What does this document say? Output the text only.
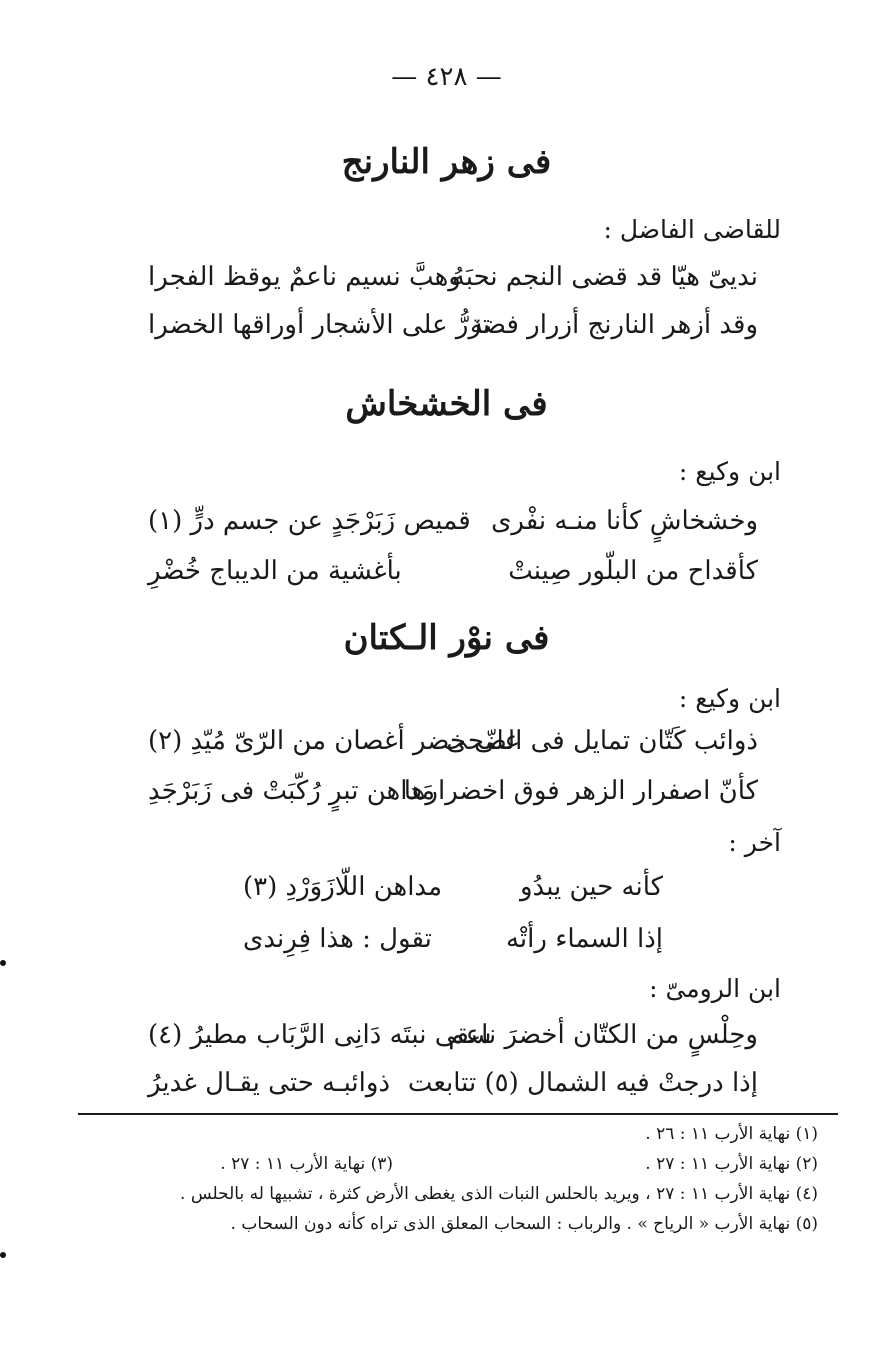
— ٤٢٨ —
فى زهر النارنج
للقاضى الفاضل :
نديىّ هيّا قد قضى النجم نحبَهُ
وهبَّ نسيم ناعمٌ يوقظ الفجرا
وقد أزهر النارنج أزرار فضة
تزرُّ على الأشجار أوراقها الخضرا
فى الخشخاش
ابن وكيع :
وخشخاشٍ كأنا منـه نفْرى
قميص زَبَرْجَدٍ عن جسم درٍّ (١)
كأقداح من البلّور صِينتْ
بأغشية من الديباج خُضْرِ
فى نوْر الـكتان
ابن وكيع :
ذوائب كَتّان تمايل فى الضّحى
على خضر أغصان من الرّىّ مُيّدِ (٢)
كأنّ اصفرار الزهر فوق اخضرارها
مَداهن تبرٍ رُكّبَتْ فى زَبَرْجَدِ
آخر :
كأنه حين يبدُو
مداهن اللّازَوَرْدِ (٣)
إذا السماء رأتْه
تقول : هذا فِرِندى
ابن الرومىّ :
وحِلْسٍ من الكتّان أخضرَ ناعم
سقى نبتَه دَانِى الرَّبَاب مطيرُ (٤)
إذا درجتْ فيه الشمال (٥) تتابعت
ذوائبـه حتى يقـال غديرُ
(١) نهاية الأرب ١١ : ٢٦ .
(٢) نهاية الأرب ١١ : ٢٧ .
(٣) نهاية الأرب ١١ : ٢٧ .
(٤) نهاية الأرب ١١ : ٢٧ ، ويريد بالحلس النبات الذى يغطى الأرض كثرة ، تشبيها له بالحلس .
(٥) نهاية الأرب « الرياح » . والرباب : السحاب المعلق الذى تراه كأنه دون السحاب .
